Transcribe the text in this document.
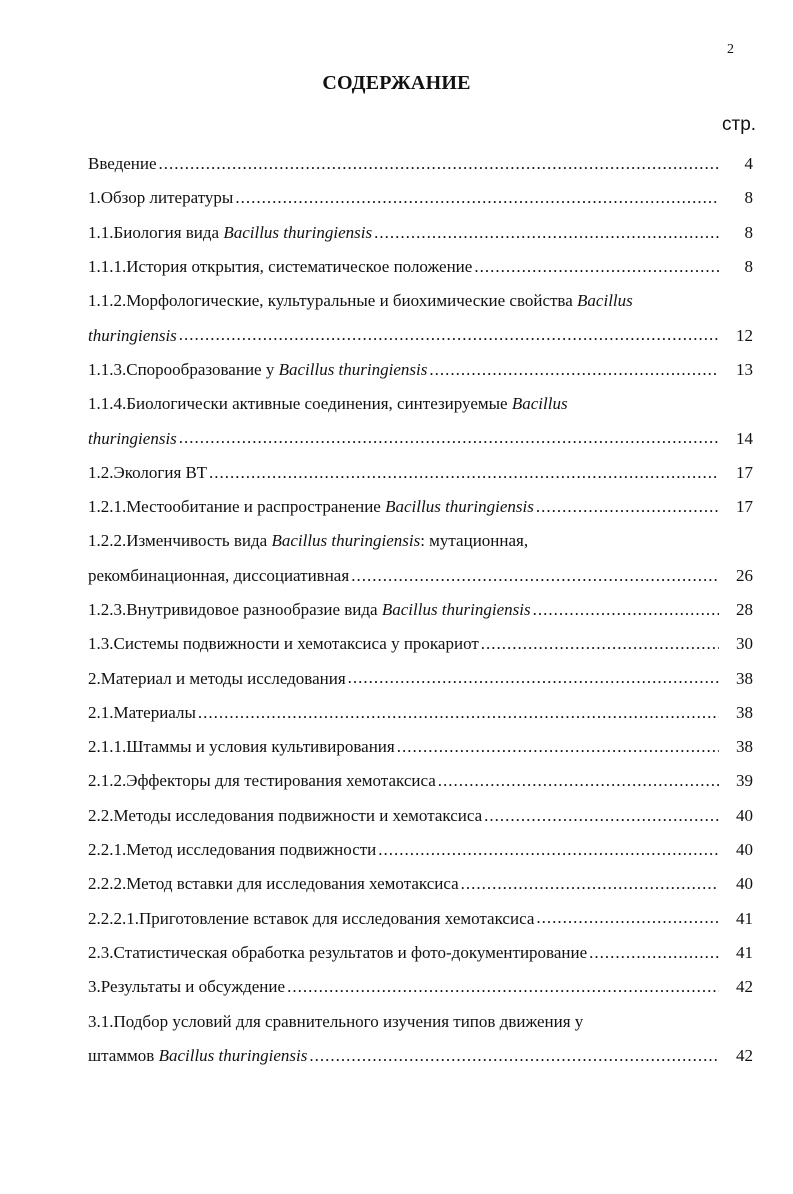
2
СОДЕРЖАНИЕ
стр.
Введение .....	4
1.Обзор литературы .....	8
1.1.Биология вида Bacillus thuringiensis .....	8
1.1.1.История открытия, систематическое положение .....	8
1.1.2.Морфологические, культуральные и биохимические свойства Bacillus
thuringiensis .....	12
1.1.3.Спорообразование у Bacillus thuringiensis .....	13
1.1.4.Биологически активные соединения, синтезируемые Bacillus
thuringiensis .....	14
1.2.Экология ВТ .....	17
1.2.1.Местообитание и распространение Bacillus thuringiensis .....	17
1.2.2.Изменчивость вида Bacillus thuringiensis: мутационная,
рекомбинационная, диссоциативная .....	26
1.2.3.Внутривидовое разнообразие вида Bacillus thuringiensis .....	28
1.3.Системы подвижности и хемотаксиса у прокариот .....	30
2.Материал и методы исследования .....	38
2.1.Материалы .....	38
2.1.1.Штаммы и условия культивирования .....	38
2.1.2.Эффекторы для тестирования хемотаксиса .....	39
2.2.Методы исследования подвижности и хемотаксиса .....	40
2.2.1.Метод исследования подвижности .....	40
2.2.2.Метод вставки для исследования хемотаксиса .....	40
2.2.2.1.Приготовление вставок для исследования хемотаксиса .....	41
2.3.Статистическая обработка результатов и фото-документирование .....	41
3.Результаты и обсуждение .....	42
3.1.Подбор условий для сравнительного изучения типов движения у
штаммов Bacillus thuringiensis .....	42
